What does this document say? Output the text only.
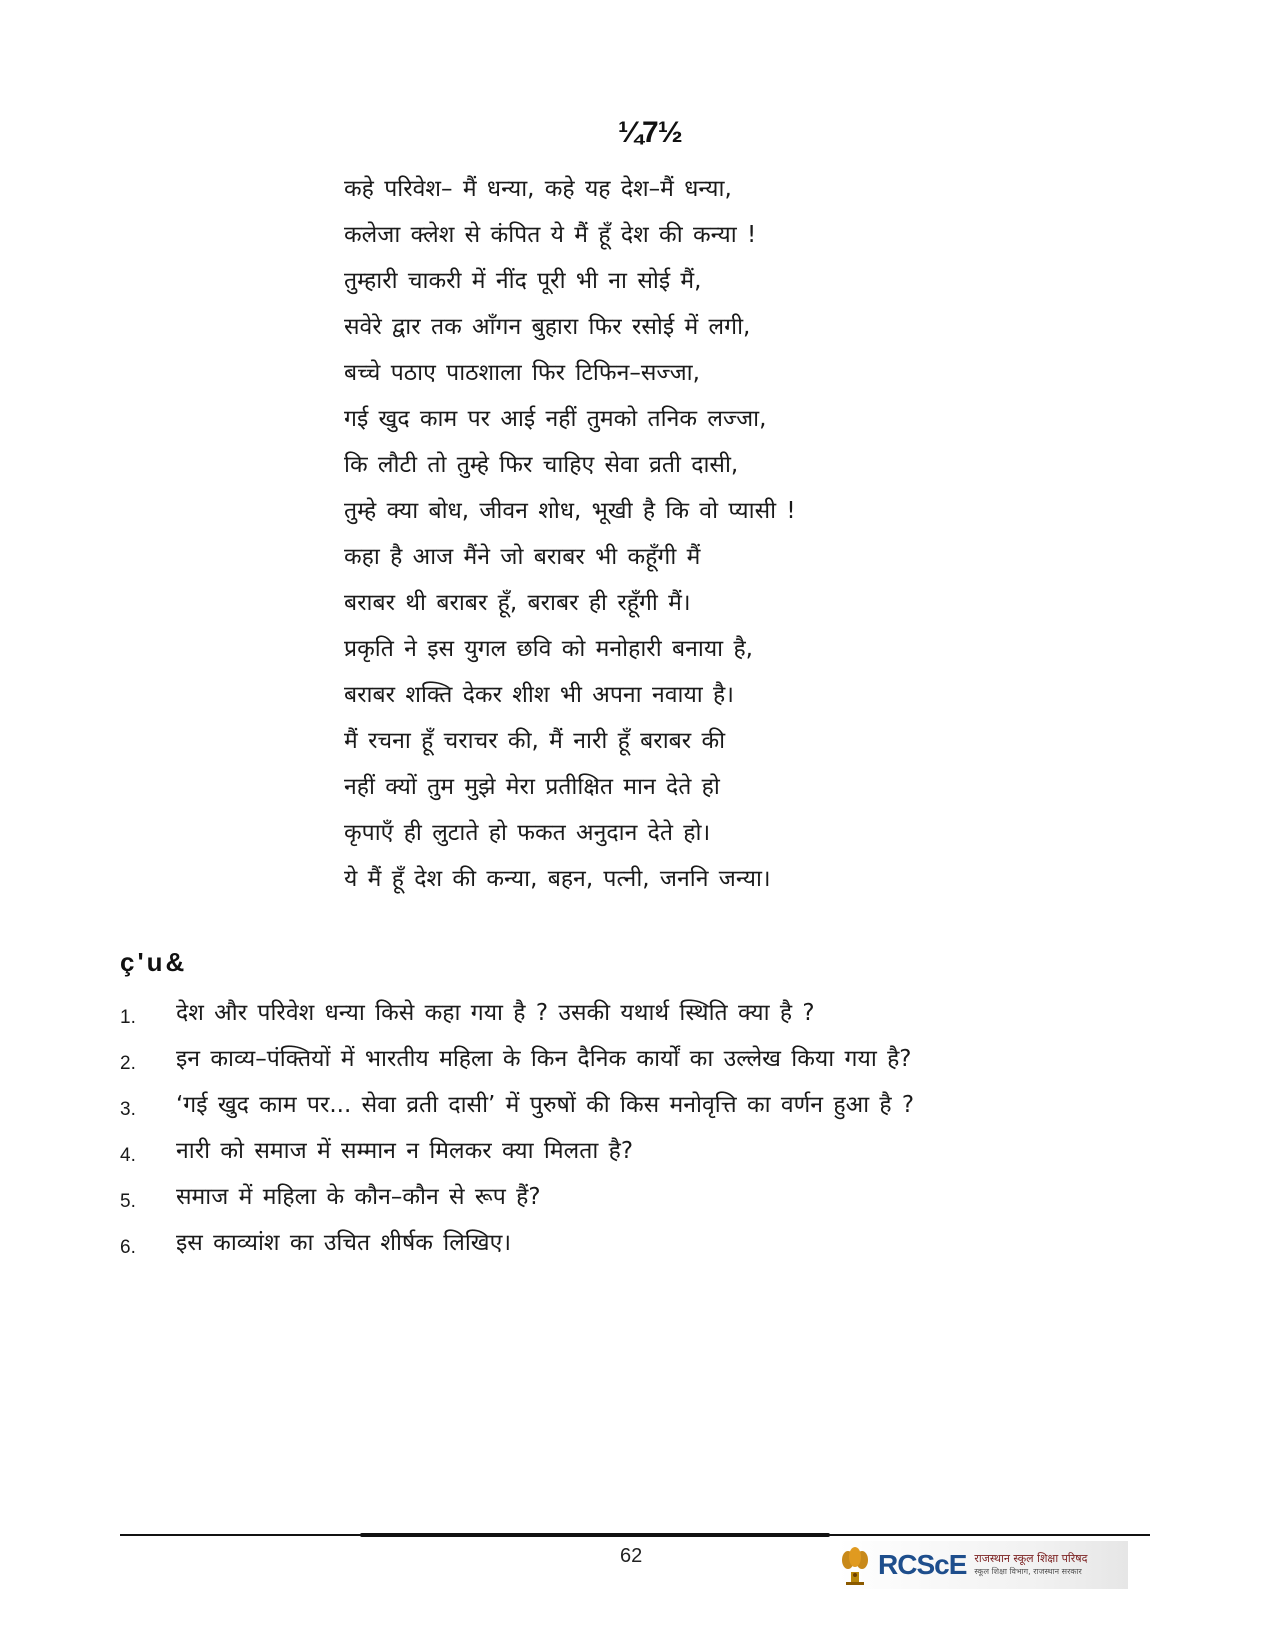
¼7½
कहे परिवेश– मैं धन्या, कहे यह देश–मैं धन्या,
कलेजा क्लेश से कंपित ये मैं हूँ देश की कन्या !
तुम्हारी चाकरी में नींद पूरी भी ना सोई मैं,
सवेरे द्वार तक आँगन बुहारा फिर रसोई में लगी,
बच्चे पठाए पाठशाला फिर टिफिन–सज्जा,
गई खुद काम पर आई नहीं तुमको तनिक लज्जा,
कि लौटी तो तुम्हे फिर चाहिए सेवा व्रती दासी,
तुम्हे क्या बोध, जीवन शोध, भूखी है कि वो प्यासी !
कहा है आज मैंने जो बराबर भी कहूँगी मैं
बराबर थी बराबर हूँ, बराबर ही रहूँगी मैं।
प्रकृति ने इस युगल छवि को मनोहारी बनाया है,
बराबर शक्ति देकर शीश भी अपना नवाया है।
मैं रचना हूँ चराचर की, मैं नारी हूँ बराबर की
नहीं क्यों तुम मुझे मेरा प्रतीक्षित मान देते हो
कृपाएँ ही लुटाते हो फकत अनुदान देते हो।
ये मैं हूँ देश की कन्या, बहन, पत्नी, जननि जन्या।
ç'u&
1.	देश और परिवेश धन्या किसे कहा गया है ? उसकी यथार्थ स्थिति क्या है ?
2.	इन काव्य–पंक्तियों में भारतीय महिला के किन दैनिक कार्यों का उल्लेख किया गया है?
3.	‘गई खुद काम पर... सेवा व्रती दासी’ में पुरुषों की किस मनोवृत्ति का वर्णन हुआ है ?
4.	नारी को समाज में सम्मान न मिलकर क्या मिलता है?
5.	समाज में महिला के कौन–कौन से रूप हैं?
6.	इस काव्यांश का उचित शीर्षक लिखिए।
62	RCScE राजस्थान स्कूल शिक्षा परिषद
स्कूल शिक्षा विभाग, राजस्थान सरकार
